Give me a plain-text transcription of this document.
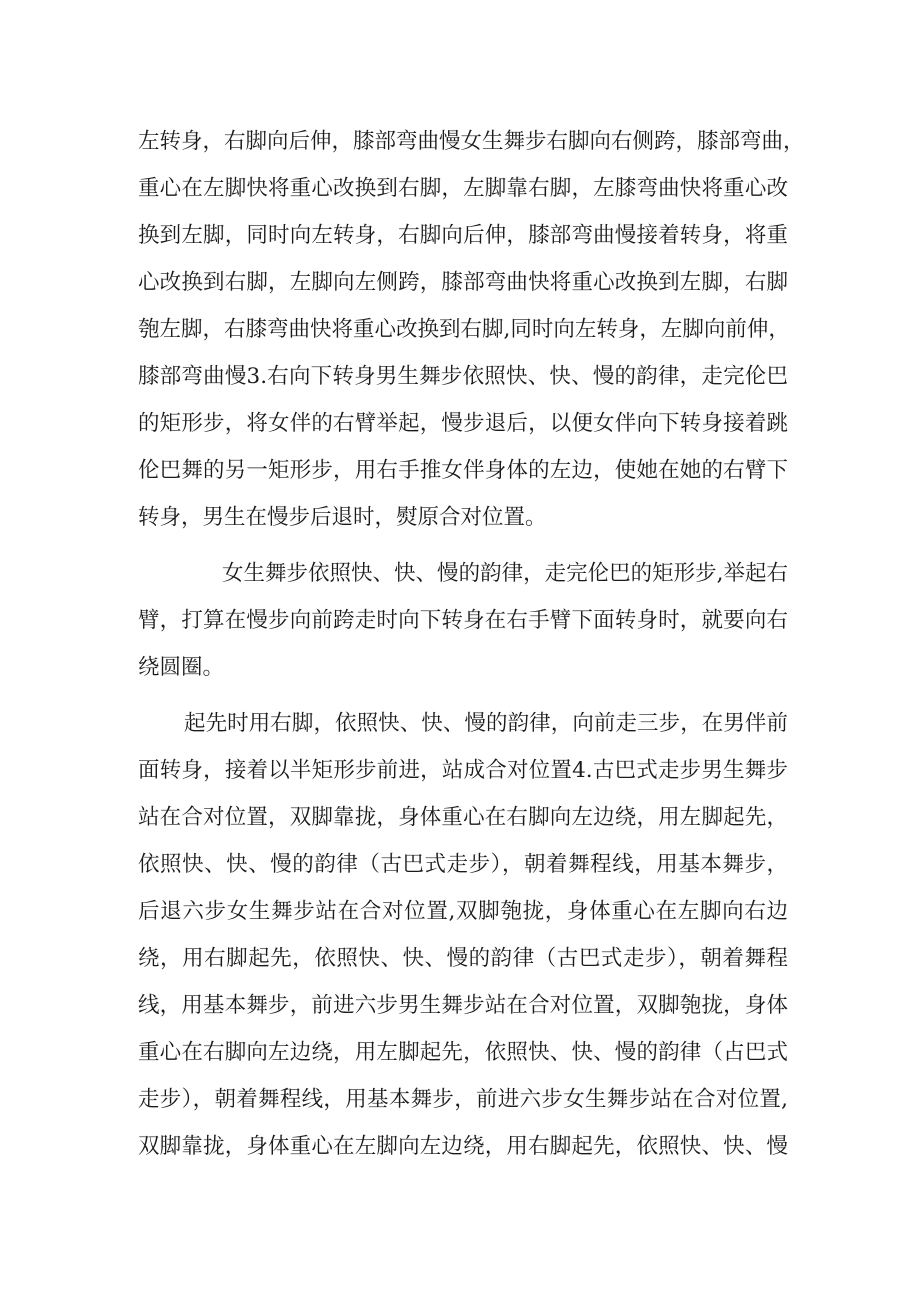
左转身，右脚向后伸，膝部弯曲慢女生舞步右脚向右侧跨，膝部弯曲，
重心在左脚快将重心改换到右脚，左脚靠右脚，左膝弯曲快将重心改
换到左脚，同时向左转身，右脚向后伸，膝部弯曲慢接着转身，将重
心改换到右脚，左脚向左侧跨，膝部弯曲快将重心改换到左脚，右脚
匏左脚，右膝弯曲快将重心改换到右脚,同时向左转身，左脚向前伸，
膝部弯曲慢3.右向下转身男生舞步依照快、快、慢的韵律，走完伦巴
的矩形步，将女伴的右臂举起，慢步退后，以便女伴向下转身接着跳
伦巴舞的另一矩形步，用右手推女伴身体的左边，使她在她的右臂下
转身，男生在慢步后退时，熨原合对位置。
女生舞步依照快、快、慢的韵律，走完伦巴的矩形步,举起右
臂，打算在慢步向前跨走时向下转身在右手臂下面转身时，就要向右
绕圆圈。
起先时用右脚，依照快、快、慢的韵律，向前走三步，在男伴前
面转身，接着以半矩形步前进，站成合对位置4.古巴式走步男生舞步
站在合对位置，双脚靠拢，身体重心在右脚向左边绕，用左脚起先，
依照快、快、慢的韵律（古巴式走步），朝着舞程线，用基本舞步，
后退六步女生舞步站在合对位置,双脚匏拢，身体重心在左脚向右边
绕，用右脚起先，依照快、快、慢的韵律（古巴式走步），朝着舞程
线，用基本舞步，前进六步男生舞步站在合对位置，双脚匏拢，身体
重心在右脚向左边绕，用左脚起先，依照快、快、慢的韵律（占巴式
走步），朝着舞程线，用基本舞步，前进六步女生舞步站在合对位置,
双脚靠拢，身体重心在左脚向左边绕，用右脚起先，依照快、快、慢
